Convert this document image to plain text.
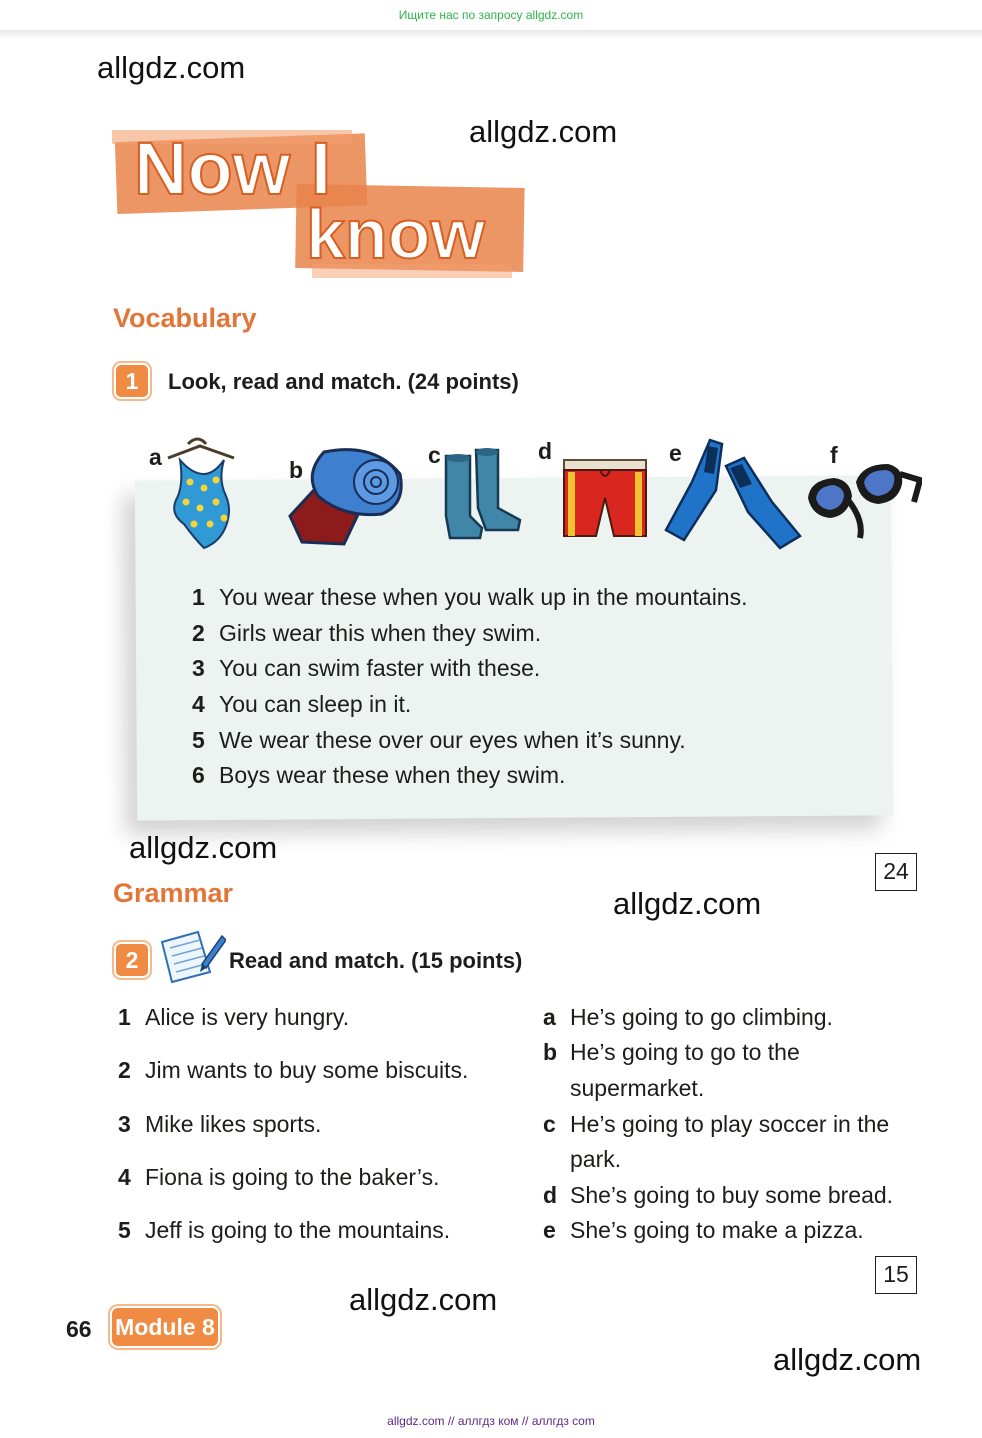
Ищите нас по запросу allgdz.com
allgdz.com
allgdz.com
allgdz.com
allgdz.com
allgdz.com
allgdz.com
Now I
know
Vocabulary
1	Look, read and match. (24 points)
a	b
c	d	e	f
1 You wear these when you walk up in the mountains.
2 Girls wear this when they swim.
3 You can swim faster with these.
4 You can sleep in it.
5 We wear these over our eyes when it’s sunny.
6 Boys wear these when they swim.
24
Grammar
2	Read and match. (15 points)
1 Alice is very hungry.
2 Jim wants to buy some biscuits.
3 Mike likes sports.
4 Fiona is going to the baker’s.
5 Jeff is going to the mountains.
a He’s going to go climbing.
b He’s going to go to the
supermarket.
c He’s going to play soccer in the
park.
d She’s going to buy some bread.
e She’s going to make a pizza.
15
66 Module 8
allgdz.com // аллгдз ком // аллгдз com
